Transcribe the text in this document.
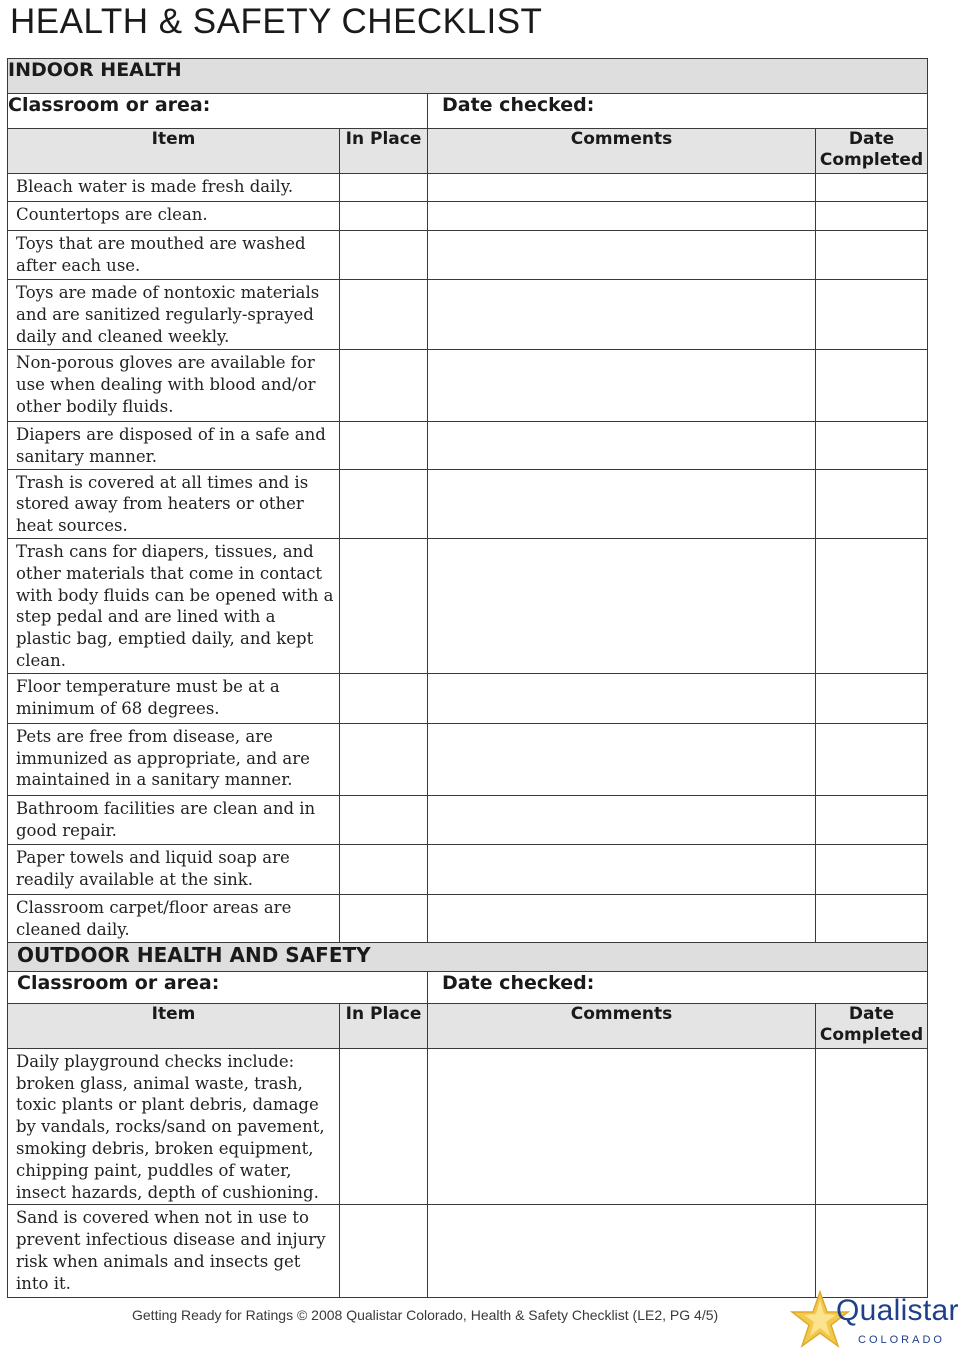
HEALTH & SAFETY CHECKLIST
INDOOR HEALTH			
Classroom or area:		Date checked:	
Item	In Place	Comments	Date
Completed

Bleach water is made fresh daily.			
Countertops are clean.			
Toys that are mouthed are washed after each use.			
Toys are made of nontoxic materials and are sanitized regularly-sprayed daily and cleaned weekly.			
Non-porous gloves are available for use when dealing with blood and/or other bodily fluids.			
Diapers are disposed of in a safe and sanitary manner.			
Trash is covered at all times and is stored away from heaters or other heat sources.			
Trash cans for diapers, tissues, and other materials that come in contact with body fluids can be opened with a step pedal and are lined with a plastic bag, emptied daily, and kept clean.			
Floor temperature must be at a minimum of 68 degrees.			
Pets are free from disease, are immunized as appropriate, and are maintained in a sanitary manner.			
Bathroom facilities are clean and in good repair.			
Paper towels and liquid soap are readily available at the sink.			
Classroom carpet/floor areas are cleaned daily.			
OUTDOOR HEALTH AND SAFETY			
Classroom or area:		Date checked:	
Item	In Place	Comments	Date
Completed

Daily playground checks include: broken glass, animal waste, trash, toxic plants or plant debris, damage by vandals, rocks/sand on pavement, smoking debris, broken equipment, chipping paint, puddles of water, insect hazards, depth of cushioning.			
Sand is covered when not in use to prevent infectious disease and injury risk when animals and insects get into it.			
Getting Ready for Ratings © 2008 Qualistar Colorado, Health & Safety Checklist (LE2, PG 4/5)	Qualistar
COLORADO
